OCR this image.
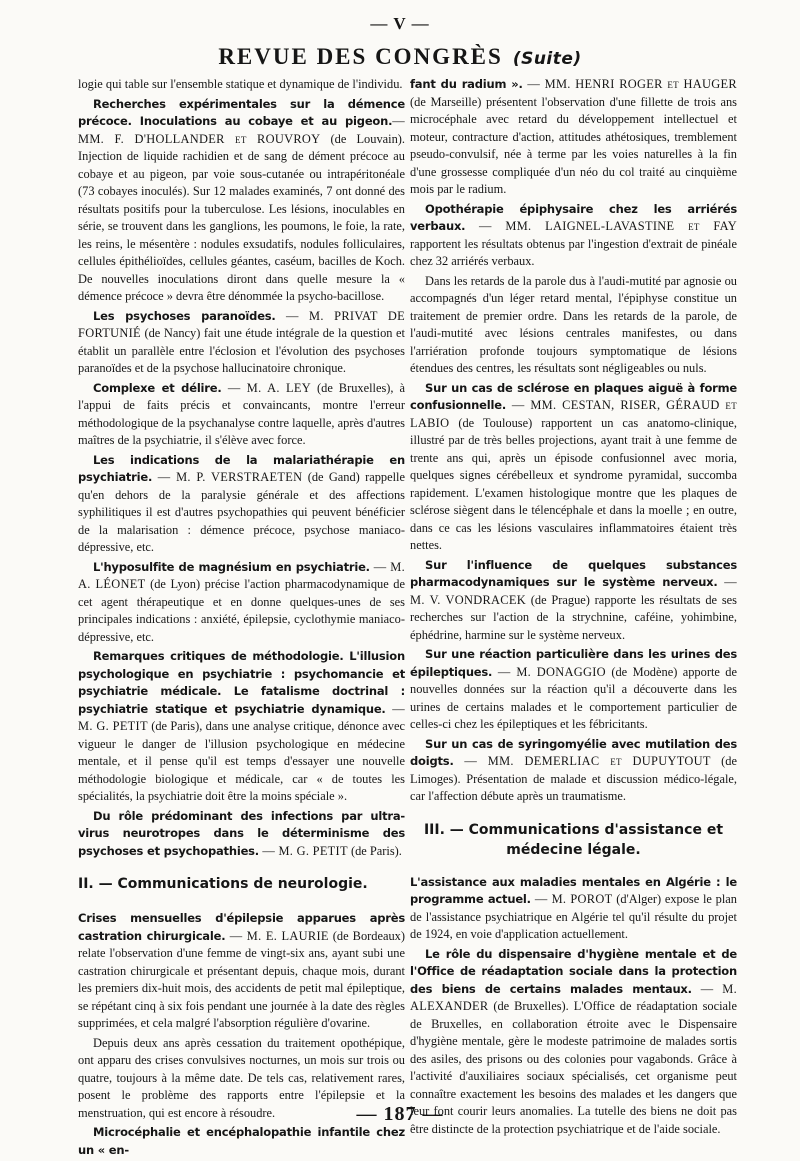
— V —
REVUE DES CONGRÈS (Suite)

logie qui table sur l'ensemble statique et dynamique de l'individu.

Recherches expérimentales sur la démence précoce. Inoculations au cobaye et au pigeon.— MM. F. D'HOLLANDER et ROUVROY (de Louvain). Injection de liquide rachidien et de sang de dément précoce au cobaye et au pigeon, par voie sous-cutanée ou intrapéritonéale (73 cobayes inoculés). Sur 12 malades examinés, 7 ont donné des résultats positifs pour la tuberculose. Les lésions, inoculables en série, se trouvent dans les ganglions, les poumons, le foie, la rate, les reins, le mésentère : nodules exsudatifs, nodules folliculaires, cellules épithélioïdes, cellules géantes, caséum, bacilles de Koch. De nouvelles inoculations diront dans quelle mesure la « démence précoce » devra être dénommée la psycho-bacillose.

Les psychoses paranoïdes. — M. PRIVAT DE FORTUNIÉ (de Nancy) fait une étude intégrale de la question et établit un parallèle entre l'éclosion et l'évolution des psychoses paranoïdes et de la psychose hallucinatoire chronique.

Complexe et délire. — M. A. LEY (de Bruxelles), à l'appui de faits précis et convaincants, montre l'erreur méthodologique de la psychanalyse contre laquelle, après d'autres maîtres de la psychiatrie, il s'élève avec force.

Les indications de la malariathérapie en psychiatrie. — M. P. VERSTRAETEN (de Gand) rappelle qu'en dehors de la paralysie générale et des affections syphilitiques il est d'autres psychopathies qui peuvent bénéficier de la malarisation : démence précoce, psychose maniaco-dépressive, etc.

L'hyposulfite de magnésium en psychiatrie. — M. A. LÉONET (de Lyon) précise l'action pharmacodynamique de cet agent thérapeutique et en donne quelques-unes de ses principales indications : anxiété, épilepsie, cyclothymie maniaco-dépressive, etc.

Remarques critiques de méthodologie. L'illusion psychologique en psychiatrie : psychomancie et psychiatrie médicale. Le fatalisme doctrinal : psychiatrie statique et psychiatrie dynamique. — M. G. PETIT (de Paris), dans une analyse critique, dénonce avec vigueur le danger de l'illusion psychologique en médecine mentale, et il pense qu'il est temps d'essayer une nouvelle méthodologie biologique et médicale, car « de toutes les spécialités, la psychiatrie doit être la moins spéciale ».

Du rôle prédominant des infections par ultra-virus neurotropes dans le déterminisme des psychoses et psychopathies. — M. G. PETIT (de Paris).

II. — Communications de neurologie.

Crises mensuelles d'épilepsie apparues après castration chirurgicale. — M. E. LAURIE (de Bordeaux) relate l'observation d'une femme de vingt-six ans, ayant subi une castration chirurgicale et présentant depuis, chaque mois, durant les premiers dix-huit mois, des accidents de petit mal épileptique, se répétant cinq à six fois pendant une journée à la date des règles supprimées, et cela malgré l'absorption régulière d'ovarine.

Depuis deux ans après cessation du traitement opothépique, ont apparu des crises convulsives nocturnes, un mois sur trois ou quatre, toujours à la même date. De tels cas, relativement rares, posent le problème des rapports entre l'épilepsie et la menstruation, qui est encore à résoudre.

Microcéphalie et encéphalopathie infantile chez un « en-

fant du radium ». — MM. HENRI ROGER et HAUGER (de Marseille) présentent l'observation d'une fillette de trois ans microcéphale avec retard du développement intellectuel et moteur, contracture d'action, attitudes athétosiques, tremblement pseudo-convulsif, née à terme par les voies naturelles à la fin d'une grossesse compliquée d'un néo du col traité au cinquième mois par le radium.

Opothérapie épiphysaire chez les arriérés verbaux. — MM. LAIGNEL-LAVASTINE et FAY rapportent les résultats obtenus par l'ingestion d'extrait de pinéale chez 32 arriérés verbaux.

Dans les retards de la parole dus à l'audi-mutité par agnosie ou accompagnés d'un léger retard mental, l'épiphyse constitue un traitement de premier ordre. Dans les retards de la parole, de l'audi-mutité avec lésions centrales manifestes, ou dans l'arriération profonde toujours symptomatique de lésions étendues des centres, les résultats sont négligeables ou nuls.

Sur un cas de sclérose en plaques aiguë à forme confusionnelle. — MM. CESTAN, RISER, GÉRAUD et LABIO (de Toulouse) rapportent un cas anatomo-clinique, illustré par de très belles projections, ayant trait à une femme de trente ans qui, après un épisode confusionnel avec moria, quelques signes cérébelleux et syndrome pyramidal, succomba rapidement. L'examen histologique montre que les plaques de sclérose siègent dans le télencéphale et dans la moelle ; en outre, dans ce cas les lésions vasculaires inflammatoires étaient très nettes.

Sur l'influence de quelques substances pharmacodynamiques sur le système nerveux. — M. V. VONDRACEK (de Prague) rapporte les résultats de ses recherches sur l'action de la strychnine, caféine, yohimbine, éphédrine, harmine sur le système nerveux.

Sur une réaction particulière dans les urines des épileptiques. — M. DONAGGIO (de Modène) apporte de nouvelles données sur la réaction qu'il a découverte dans les urines de certains malades et le comportement particulier de celles-ci chez les épileptiques et les fébricitants.

Sur un cas de syringomyélie avec mutilation des doigts. — MM. DEMERLIAC et DUPUYTOUT (de Limoges). Présentation de malade et discussion médico-légale, car l'affection débute après un traumatisme.

III. — Communications d'assistance et médecine légale.

L'assistance aux maladies mentales en Algérie : le programme actuel. — M. POROT (d'Alger) expose le plan de l'assistance psychiatrique en Algérie tel qu'il résulte du projet de 1924, en voie d'application actuellement.

Le rôle du dispensaire d'hygiène mentale et de l'Office de réadaptation sociale dans la protection des biens de certains malades mentaux. — M. ALEXANDER (de Bruxelles). L'Office de réadaptation sociale de Bruxelles, en collaboration étroite avec le Dispensaire d'hygiène mentale, gère le modeste patrimoine de malades sortis des asiles, des prisons ou des colonies pour vagabonds. Grâce à l'activité d'auxiliaires sociaux spécialisés, cet organisme peut connaître exactement les besoins des malades et les dangers que leur font courir leurs anomalies. La tutelle des biens ne doit pas être distincte de la protection psychiatrique et de l'aide sociale.

— 187 —
